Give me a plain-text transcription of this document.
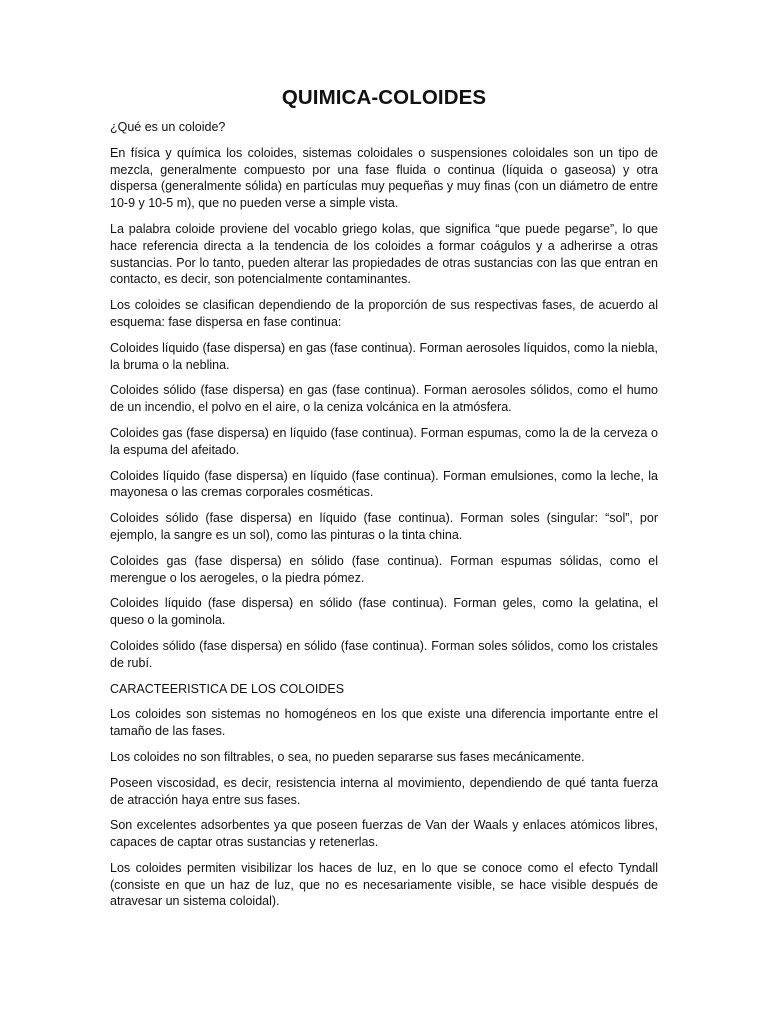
QUIMICA-COLOIDES

¿Qué es un coloide?

En física y química los coloides, sistemas coloidales o suspensiones coloidales son un tipo de mezcla, generalmente compuesto por una fase fluida o continua (líquida o gaseosa) y otra dispersa (generalmente sólida) en partículas muy pequeñas y muy finas (con un diámetro de entre 10-9 y 10-5 m), que no pueden verse a simple vista.

La palabra coloide proviene del vocablo griego kolas, que significa “que puede pegarse”, lo que hace referencia directa a la tendencia de los coloides a formar coágulos y a adherirse a otras sustancias. Por lo tanto, pueden alterar las propiedades de otras sustancias con las que entran en contacto, es decir, son potencialmente contaminantes.

Los coloides se clasifican dependiendo de la proporción de sus respectivas fases, de acuerdo al esquema: fase dispersa en fase continua:

Coloides líquido (fase dispersa) en gas (fase continua). Forman aerosoles líquidos, como la niebla, la bruma o la neblina.

Coloides sólido (fase dispersa) en gas (fase continua). Forman aerosoles sólidos, como el humo de un incendio, el polvo en el aire, o la ceniza volcánica en la atmósfera.

Coloides gas (fase dispersa) en líquido (fase continua). Forman espumas, como la de la cerveza o la espuma del afeitado.

Coloides líquido (fase dispersa) en líquido (fase continua). Forman emulsiones, como la leche, la mayonesa o las cremas corporales cosméticas.

Coloides sólido (fase dispersa) en líquido (fase continua). Forman soles (singular: “sol”, por ejemplo, la sangre es un sol), como las pinturas o la tinta china.

Coloides gas (fase dispersa) en sólido (fase continua). Forman espumas sólidas, como el merengue o los aerogeles, o la piedra pómez.

Coloides líquido (fase dispersa) en sólido (fase continua). Forman geles, como la gelatina, el queso o la gominola.

Coloides sólido (fase dispersa) en sólido (fase continua). Forman soles sólidos, como los cristales de rubí.

CARACTEERISTICA DE LOS COLOIDES

Los coloides son sistemas no homogéneos en los que existe una diferencia importante entre el tamaño de las fases.

Los coloides no son filtrables, o sea, no pueden separarse sus fases mecánicamente.

Poseen viscosidad, es decir, resistencia interna al movimiento, dependiendo de qué tanta fuerza de atracción haya entre sus fases.

Son excelentes adsorbentes ya que poseen fuerzas de Van der Waals y enlaces atómicos libres, capaces de captar otras sustancias y retenerlas.

Los coloides permiten visibilizar los haces de luz, en lo que se conoce como el efecto Tyndall (consiste en que un haz de luz, que no es necesariamente visible, se hace visible después de atravesar un sistema coloidal).
